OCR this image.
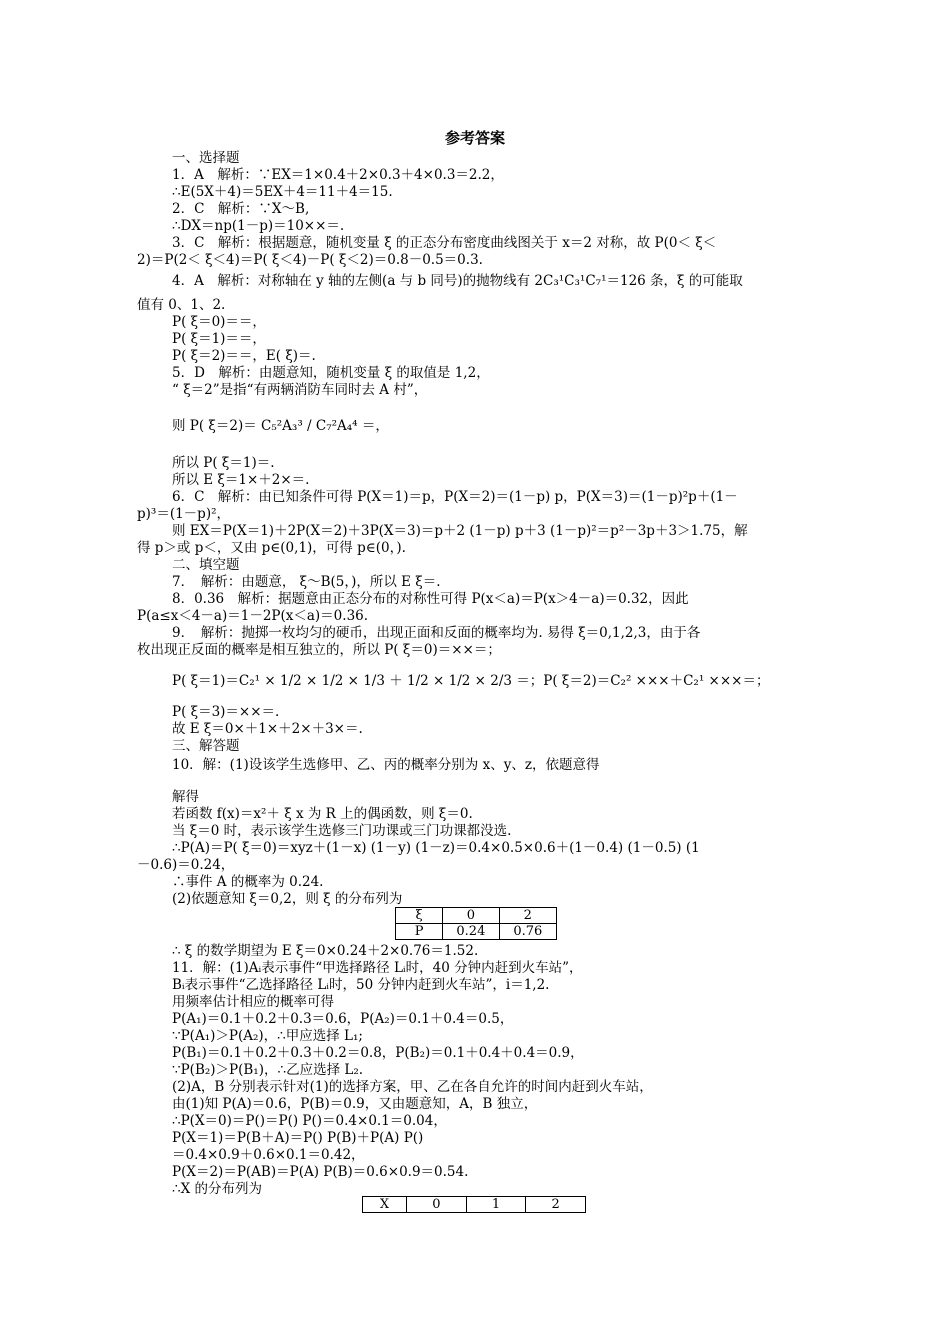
参考答案
一、选择题
1．A　解析：∵EX＝1×0.4＋2×0.3＋4×0.3＝2.2，
∴E(5X＋4)＝5EX＋4＝11＋4＝15.
2．C　解析：∵X～B,
∴DX＝np(1－p)＝10××＝.
3．C　解析：根据题意，随机变量 ξ 的正态分布密度曲线图关于 x＝2 对称，故 P(0＜ ξ＜
2)＝P(2＜ ξ＜4)＝P( ξ＜4)－P( ξ＜2)＝0.8－0.5＝0.3.
4．A　解析：对称轴在 y 轴的左侧(a 与 b 同号)的抛物线有 2C₃¹C₃¹C₇¹＝126 条，ξ 的可能取
值有 0、1、2.
P( ξ＝0)＝＝，
P( ξ＝1)＝＝，
P( ξ＝2)＝＝，E( ξ)＝.
5．D　解析：由题意知，随机变量 ξ 的取值是 1,2，
“ ξ＝2”是指“有两辆消防车同时去 A 村”，
则 P( ξ＝2)＝ C₅²A₃³ / C₇²A₄⁴ ＝，
所以 P( ξ＝1)＝.
所以 E ξ＝1×＋2×＝.
6．C　解析：由已知条件可得 P(X＝1)＝p，P(X＝2)＝(1－p) p，P(X＝3)＝(1－p)²p＋(1－
p)³＝(1－p)²，
则 EX＝P(X＝1)＋2P(X＝2)＋3P(X＝3)＝p＋2 (1－p) p＋3 (1－p)²＝p²－3p＋3＞1.75，解
得 p＞或 p＜，又由 p∈(0,1)，可得 p∈(0，).
二、填空题
7．　解析：由题意， ξ～B(5，)，所以 E ξ＝.
8．0.36　解析：据题意由正态分布的对称性可得 P(x＜a)＝P(x＞4－a)＝0.32，因此
P(a≤x＜4－a)＝1－2P(x＜a)＝0.36.
9．　解析：抛掷一枚均匀的硬币，出现正面和反面的概率均为. 易得 ξ＝0,1,2,3，由于各
枚出现正反面的概率是相互独立的，所以 P( ξ＝0)＝××＝；
P( ξ＝1)＝C₂¹ × 1/2 × 1/2 × 1/3 ＋ 1/2 × 1/2 × 2/3 ＝；P( ξ＝2)＝C₂² ×××＋C₂¹ ×××＝；
P( ξ＝3)＝××＝.
故 E ξ＝0×＋1×＋2×＋3×＝.
三、解答题
10．解：(1)设该学生选修甲、乙、丙的概率分别为 x、y、z，依题意得
解得
若函数 f(x)＝x²＋ ξ x 为 R 上的偶函数，则 ξ＝0.
当 ξ＝0 时，表示该学生选修三门功课或三门功课都没选.
∴P(A)＝P( ξ＝0)＝xyz＋(1－x) (1－y) (1－z)＝0.4×0.5×0.6＋(1－0.4) (1－0.5) (1
－0.6)＝0.24，
∴事件 A 的概率为 0.24.
(2)依题意知 ξ＝0,2，则 ξ 的分布列为
ξ	0	2
P	0.24	0.76
∴ ξ 的数学期望为 E ξ＝0×0.24＋2×0.76＝1.52.
11．解：(1)Aᵢ表示事件“甲选择路径 Lᵢ时，40 分钟内赶到火车站”，
Bᵢ表示事件“乙选择路径 Lᵢ时，50 分钟内赶到火车站”，i＝1,2.
用频率估计相应的概率可得
P(A₁)＝0.1＋0.2＋0.3＝0.6，P(A₂)＝0.1＋0.4＝0.5，
∵P(A₁)＞P(A₂)，∴甲应选择 L₁;
P(B₁)＝0.1＋0.2＋0.3＋0.2＝0.8，P(B₂)＝0.1＋0.4＋0.4＝0.9，
∵P(B₂)＞P(B₁)，∴乙应选择 L₂.
(2)A，B 分别表示针对(1)的选择方案，甲、乙在各自允许的时间内赶到火车站，
由(1)知 P(A)＝0.6，P(B)＝0.9，又由题意知，A，B 独立，
∴P(X＝0)＝P()＝P() P()＝0.4×0.1＝0.04，
P(X＝1)＝P(B＋A)＝P() P(B)＋P(A) P()
＝0.4×0.9＋0.6×0.1＝0.42，
P(X＝2)＝P(AB)＝P(A) P(B)＝0.6×0.9＝0.54.
∴X 的分布列为
X	0	1	2
